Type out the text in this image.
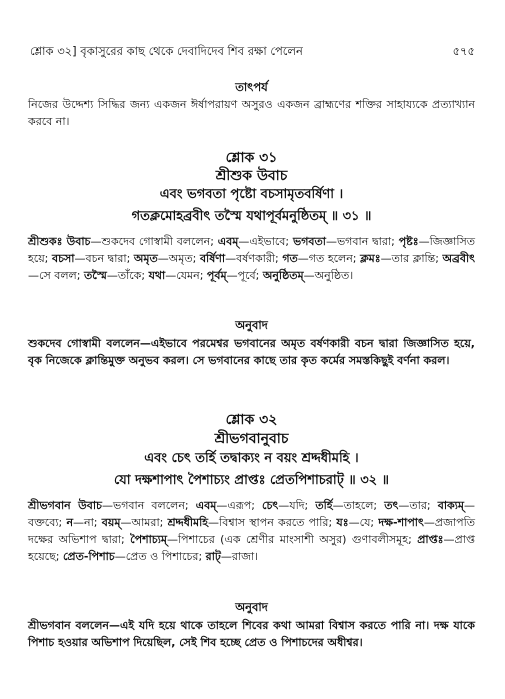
শ্লোক ৩২] বৃকাসুরের কাছ থেকে দেবাদিদেব শিব রক্ষা পেলেন	৫৭৫
তাৎপর্য
নিজের উদ্দেশ্য সিদ্ধির জন্য একজন ঈর্ষাপরায়ণ অসুরও একজন ব্রাহ্মণের শক্তির সাহায্যকে প্রত্যাখ্যান করবে না।
শ্লোক ৩১
শ্রীশুক উবাচ
এবং ভগবতা পৃষ্টো বচসামৃতবর্ষিণা ।
গতক্লমোহব্রবীৎ তস্মৈ যথাপূর্বমনুষ্ঠিতম্ ॥ ৩১ ॥
শ্রীশুকঃ উবাচ—শুকদেব গোস্বামী বললেন; এবম্—এইভাবে; ভগবতা—ভগবান দ্বারা; পৃষ্টঃ—জিজ্ঞাসিত হয়ে; বচসা—বচন দ্বারা; অমৃত—অমৃত; বর্ষিণা—বর্ষণকারী; গত—গত হলেন; ক্লমঃ—তার ক্লান্তি; অব্রবীৎ—সে বলল; তস্মৈ—তাঁকে; যথা—যেমন; পূর্বম্—পূর্বে; অনুষ্ঠিতম্—অনুষ্ঠিত।
অনুবাদ
শুকদেব গোস্বামী বললেন—এইভাবে পরমেশ্বর ভগবানের অমৃত বর্ষণকারী বচন দ্বারা জিজ্ঞাসিত হয়ে, বৃক নিজেকে ক্লান্তিমুক্ত অনুভব করল। সে ভগবানের কাছে তার কৃত কর্মের সমস্তকিছুই বর্ণনা করল।
শ্লোক ৩২
শ্রীভগবানুবাচ
এবং চেৎ তর্হি তদ্বাক্যং ন বয়ং শ্রদ্দধীমহি ।
যো দক্ষশাপাৎ পৈশাচ্যং প্রাপ্তঃ প্রেতপিশাচরাট্ ॥ ৩২ ॥
শ্রীভগবান উবাচ—ভগবান বললেন; এবম্—এরূপ; চেৎ—যদি; তর্হি—তাহলে; তৎ—তার; বাক্যম্—বক্তব্যে; ন—না; বয়ম্—আমরা; শ্রদ্দধীমহি—বিশ্বাস স্থাপন করতে পারি; যঃ—যে; দক্ষ-শাপাৎ—প্রজাপতি দক্ষের অভিশাপ দ্বারা; পৈশাচ্যম্—পিশাচের (এক শ্রেণীর মাংসাশী অসুর) গুণাবলীসমূহ; প্রাপ্তঃ—প্রাপ্ত হয়েছে; প্রেত-পিশাচ—প্রেত ও পিশাচের; রাট্—রাজা।
অনুবাদ
শ্রীভগবান বললেন—এই যদি হয়ে থাকে তাহলে শিবের কথা আমরা বিশ্বাস করতে পারি না। দক্ষ যাকে পিশাচ হওয়ার অভিশাপ দিয়েছিল, সেই শিব হচ্ছে প্রেত ও পিশাচদের অধীশ্বর।
